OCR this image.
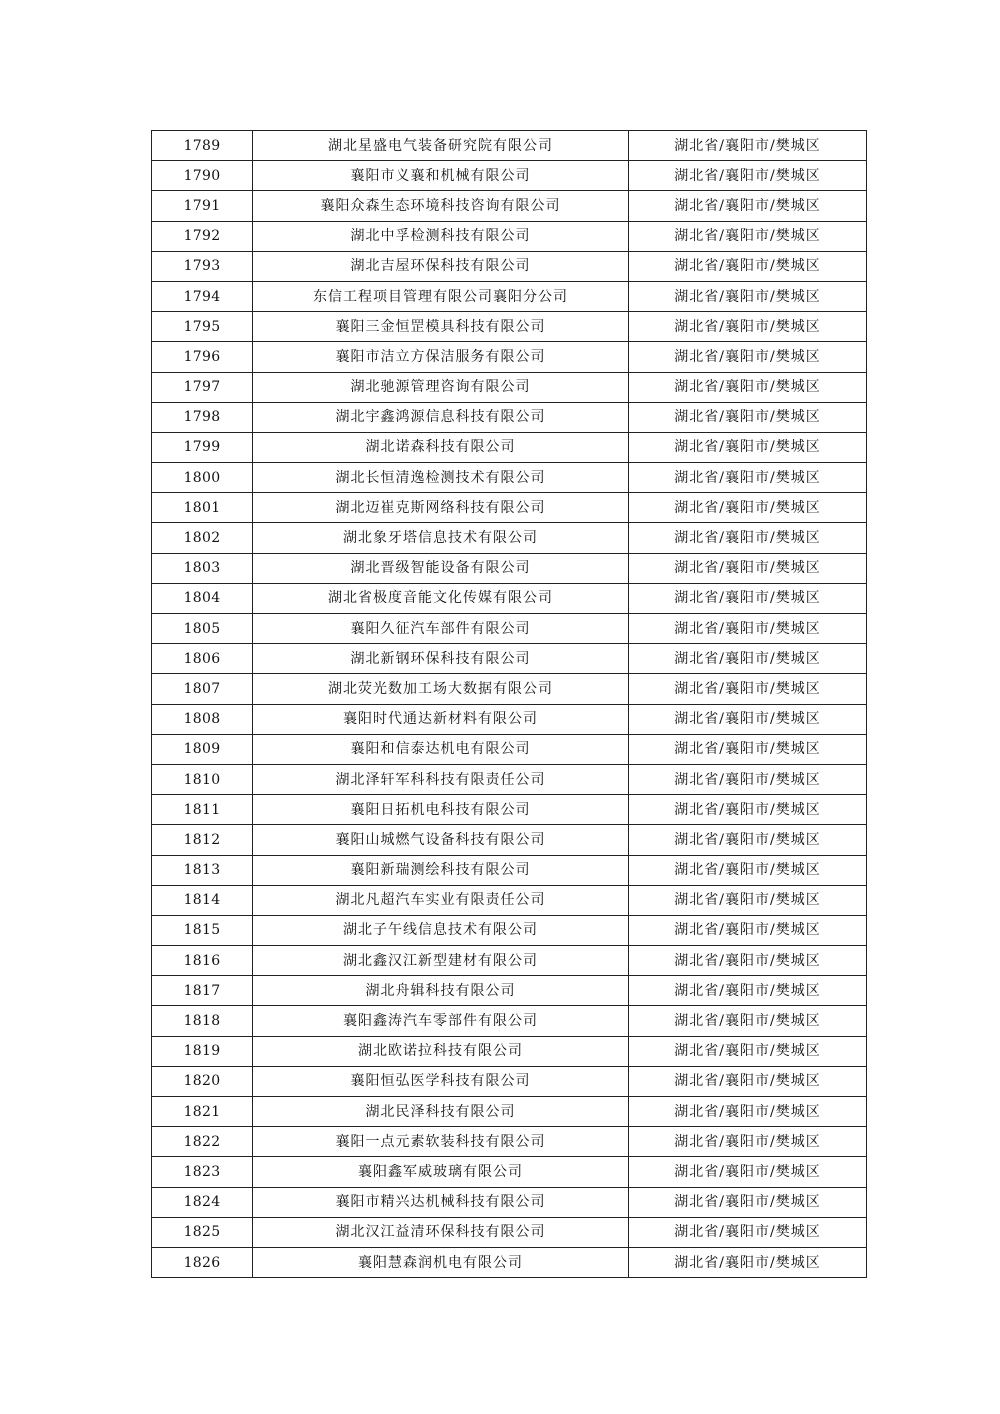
1789	湖北星盛电气装备研究院有限公司	湖北省/襄阳市/樊城区
1790	襄阳市义襄和机械有限公司	湖北省/襄阳市/樊城区
1791	襄阳众森生态环境科技咨询有限公司	湖北省/襄阳市/樊城区
1792	湖北中孚检测科技有限公司	湖北省/襄阳市/樊城区
1793	湖北吉屋环保科技有限公司	湖北省/襄阳市/樊城区
1794	东信工程项目管理有限公司襄阳分公司	湖北省/襄阳市/樊城区
1795	襄阳三金恒罡模具科技有限公司	湖北省/襄阳市/樊城区
1796	襄阳市洁立方保洁服务有限公司	湖北省/襄阳市/樊城区
1797	湖北驰源管理咨询有限公司	湖北省/襄阳市/樊城区
1798	湖北宇鑫鸿源信息科技有限公司	湖北省/襄阳市/樊城区
1799	湖北诺森科技有限公司	湖北省/襄阳市/樊城区
1800	湖北长恒清逸检测技术有限公司	湖北省/襄阳市/樊城区
1801	湖北迈崔克斯网络科技有限公司	湖北省/襄阳市/樊城区
1802	湖北象牙塔信息技术有限公司	湖北省/襄阳市/樊城区
1803	湖北晋级智能设备有限公司	湖北省/襄阳市/樊城区
1804	湖北省极度音能文化传媒有限公司	湖北省/襄阳市/樊城区
1805	襄阳久征汽车部件有限公司	湖北省/襄阳市/樊城区
1806	湖北新钢环保科技有限公司	湖北省/襄阳市/樊城区
1807	湖北荧光数加工场大数据有限公司	湖北省/襄阳市/樊城区
1808	襄阳时代通达新材料有限公司	湖北省/襄阳市/樊城区
1809	襄阳和信泰达机电有限公司	湖北省/襄阳市/樊城区
1810	湖北泽轩军科科技有限责任公司	湖北省/襄阳市/樊城区
1811	襄阳日拓机电科技有限公司	湖北省/襄阳市/樊城区
1812	襄阳山城燃气设备科技有限公司	湖北省/襄阳市/樊城区
1813	襄阳新瑞测绘科技有限公司	湖北省/襄阳市/樊城区
1814	湖北凡超汽车实业有限责任公司	湖北省/襄阳市/樊城区
1815	湖北子午线信息技术有限公司	湖北省/襄阳市/樊城区
1816	湖北鑫汉江新型建材有限公司	湖北省/襄阳市/樊城区
1817	湖北舟辑科技有限公司	湖北省/襄阳市/樊城区
1818	襄阳鑫涛汽车零部件有限公司	湖北省/襄阳市/樊城区
1819	湖北欧诺拉科技有限公司	湖北省/襄阳市/樊城区
1820	襄阳恒弘医学科技有限公司	湖北省/襄阳市/樊城区
1821	湖北民泽科技有限公司	湖北省/襄阳市/樊城区
1822	襄阳一点元素软装科技有限公司	湖北省/襄阳市/樊城区
1823	襄阳鑫军威玻璃有限公司	湖北省/襄阳市/樊城区
1824	襄阳市精兴达机械科技有限公司	湖北省/襄阳市/樊城区
1825	湖北汉江益清环保科技有限公司	湖北省/襄阳市/樊城区
1826	襄阳慧森润机电有限公司	湖北省/襄阳市/樊城区
